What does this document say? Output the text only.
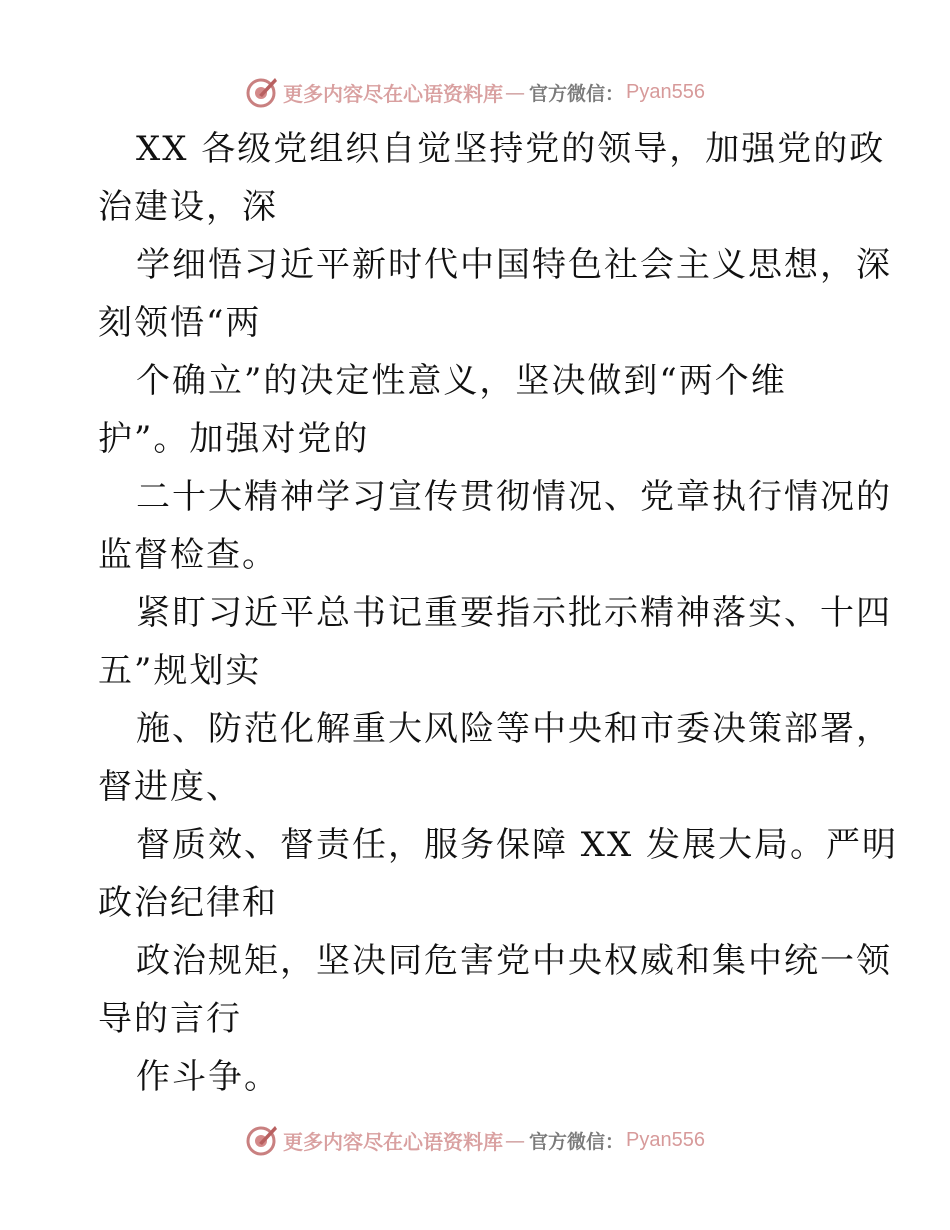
更多内容尽在心语资料库 — 官方微信： Pyan556
XX 各级党组织自觉坚持党的领导，加强党的政
治建设，深
学细悟习近平新时代中国特色社会主义思想，深
刻领悟“两
个确立”的决定性意义，坚决做到“两个维
护”。加强对党的
二十大精神学习宣传贯彻情况、党章执行情况的
监督检查。
紧盯习近平总书记重要指示批示精神落实、十四
五”规划实
施、防范化解重大风险等中央和市委决策部署，
督进度、
督质效、督责任，服务保障 XX 发展大局。严明
政治纪律和
政治规矩，坚决同危害党中央权威和集中统一领
导的言行
作斗争。
更多内容尽在心语资料库 — 官方微信： Pyan556
